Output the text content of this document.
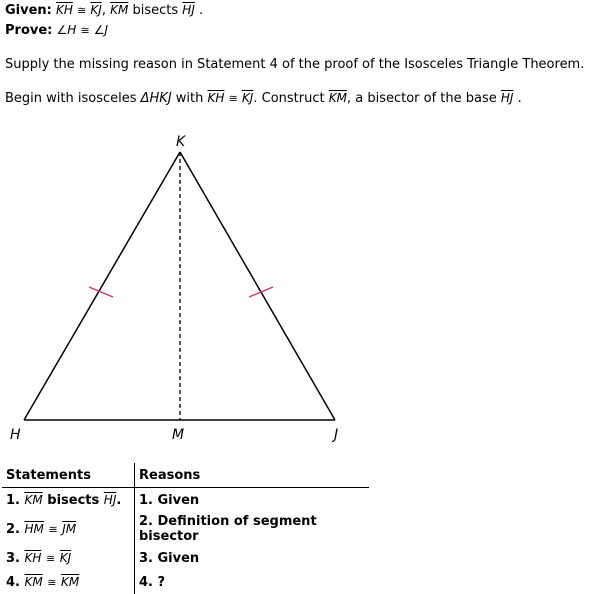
Given: $\overline{KH}$ ≅ $\overline{KJ}$, $\overline{KM}$ bisects $\overline{HJ}$ .
Prove: ∠H ≅ ∠J
Supply the missing reason in Statement 4 of the proof of the Isosceles Triangle Theorem.
Begin with isosceles ΔHKJ with $\overline{KH}$ ≅ $\overline{KJ}$. Construct $\overline{KM}$, a bisector of the base $\overline{HJ}$ .
K
H	M	J
Statements	Reasons
1. $\overline{KM}$ bisects $\overline{HJ}$.	1. Given
2. $\overline{HM}$ ≅ $\overline{JM}$	2. Definition of segment bisector
3. $\overline{KH}$ ≅ $\overline{KJ}$	3. Given
4. $\overline{KM}$ ≅ $\overline{KM}$	4. ?
